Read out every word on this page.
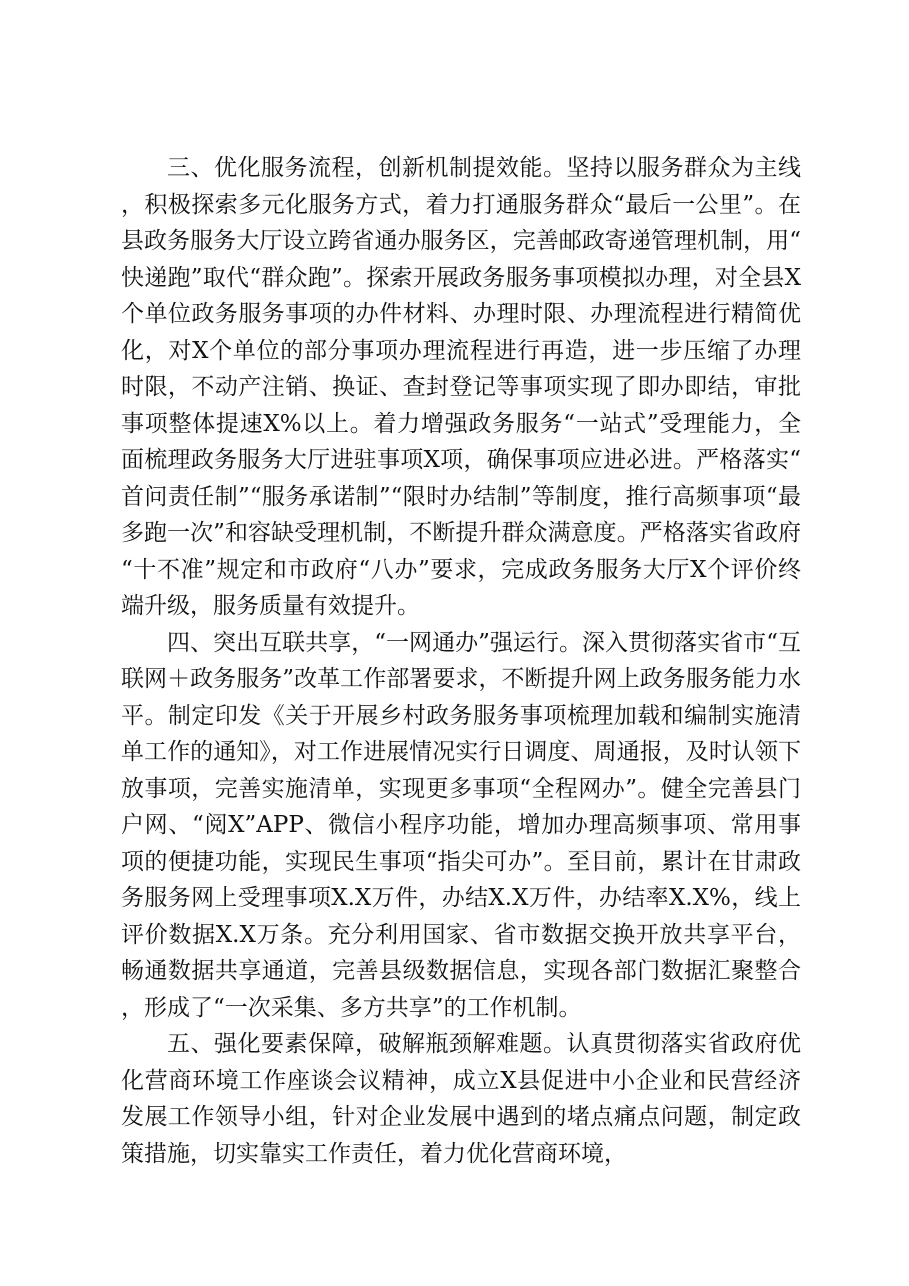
三、优化服务流程，创新机制提效能。坚持以服务群众为主线，积极探索多元化服务方式，着力打通服务群众“最后一公里”。在县政务服务大厅设立跨省通办服务区，完善邮政寄递管理机制，用“快递跑”取代“群众跑”。探索开展政务服务事项模拟办理，对全县X个单位政务服务事项的办件材料、办理时限、办理流程进行精简优化，对X个单位的部分事项办理流程进行再造，进一步压缩了办理时限，不动产注销、换证、查封登记等事项实现了即办即结，审批事项整体提速X%以上。着力增强政务服务“一站式”受理能力，全面梳理政务服务大厅进驻事项X项，确保事项应进必进。严格落实“首问责任制”“服务承诺制”“限时办结制”等制度，推行高频事项“最多跑一次”和容缺受理机制，不断提升群众满意度。严格落实省政府“十不准”规定和市政府“八办”要求，完成政务服务大厅X个评价终端升级，服务质量有效提升。

四、突出互联共享，“一网通办”强运行。深入贯彻落实省市“互联网＋政务服务”改革工作部署要求，不断提升网上政务服务能力水平。制定印发《关于开展乡村政务服务事项梳理加载和编制实施清单工作的通知》，对工作进展情况实行日调度、周通报，及时认领下放事项，完善实施清单，实现更多事项“全程网办”。健全完善县门户网、“阅X”APP、微信小程序功能，增加办理高频事项、常用事项的便捷功能，实现民生事项“指尖可办”。至目前，累计在甘肃政务服务网上受理事项X.X万件，办结X.X万件，办结率X.X%，线上评价数据X.X万条。充分利用国家、省市数据交换开放共享平台，畅通数据共享通道，完善县级数据信息，实现各部门数据汇聚整合，形成了“一次采集、多方共享”的工作机制。

五、强化要素保障，破解瓶颈解难题。认真贯彻落实省政府优化营商环境工作座谈会议精神，成立X县促进中小企业和民营经济发展工作领导小组，针对企业发展中遇到的堵点痛点问题，制定政策措施，切实靠实工作责任，着力优化营商环境，
